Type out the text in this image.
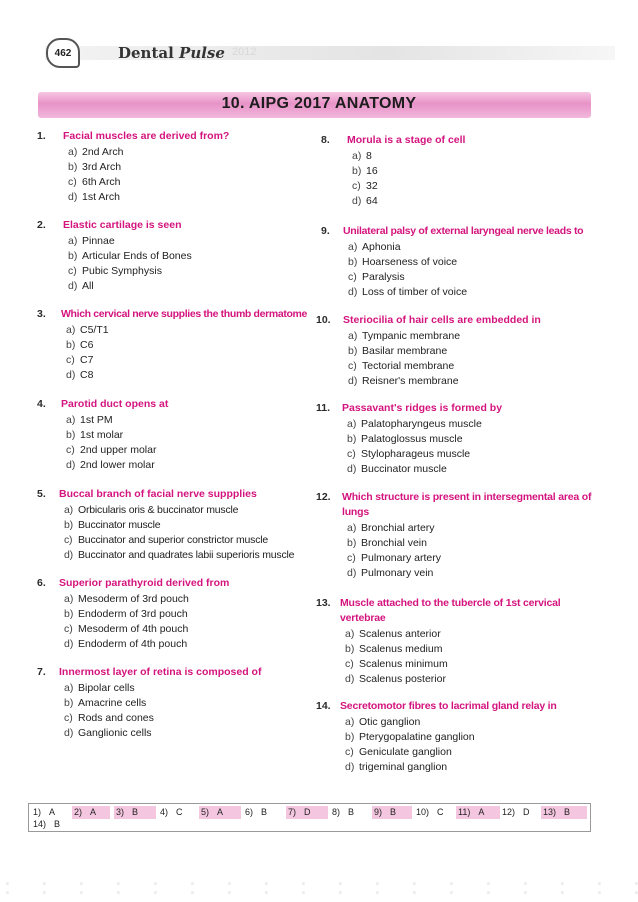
462	Dental Pulse 2012
10. AIPG 2017 ANATOMY
1. Facial muscles are derived from?
a) 2nd Arch
b) 3rd Arch
c) 6th Arch
d) 1st Arch
2. Elastic cartilage is seen
a) Pinnae
b) Articular Ends of Bones
c) Pubic Symphysis
d) All
3. Which cervical nerve supplies the thumb dermatome
a) C5/T1
b) C6
c) C7
d) C8
4. Parotid duct opens at
a) 1st PM
b) 1st molar
c) 2nd upper molar
d) 2nd lower molar
5. Buccal branch of facial nerve suppplies
a) Orbicularis oris & buccinator muscle
b) Buccinator muscle
c) Buccinator and superior constrictor muscle
d) Buccinator and quadrates labii superioris muscle
6. Superior parathyroid derived from
a) Mesoderm of 3rd pouch
b) Endoderm of 3rd pouch
c) Mesoderm of 4th pouch
d) Endoderm of 4th pouch
7. Innermost layer of retina is composed of
a) Bipolar cells
b) Amacrine cells
c) Rods and cones
d) Ganglionic cells
8. Morula is a stage of cell
a) 8
b) 16
c) 32
d) 64
9. Unilateral palsy of external laryngeal nerve leads to
a) Aphonia
b) Hoarseness of voice
c) Paralysis
d) Loss of timber of voice
10. Steriocilia of hair cells are embedded in
a) Tympanic membrane
b) Basilar membrane
c) Tectorial membrane
d) Reisner's membrane
11. Passavant's ridges is formed by
a) Palatopharyngeus muscle
b) Palatoglossus muscle
c) Stylopharageus muscle
d) Buccinator muscle
12. Which structure is present in intersegmental area of lungs
a) Bronchial artery
b) Bronchial vein
c) Pulmonary artery
d) Pulmonary vein
13. Muscle attached to the tubercle of 1st cervical vertebrae
a) Scalenus anterior
b) Scalenus medium
c) Scalenus minimum
d) Scalenus posterior
14. Secretomotor fibres to lacrimal gland relay in
a) Otic ganglion
b) Pterygopalatine ganglion
c) Geniculate ganglion
d) trigeminal ganglion
1) A 2) A	3) B	4) C 5) A	6) B 7) D	8) B 9) B	10) C 11) A	12) D 13) B
14) B
